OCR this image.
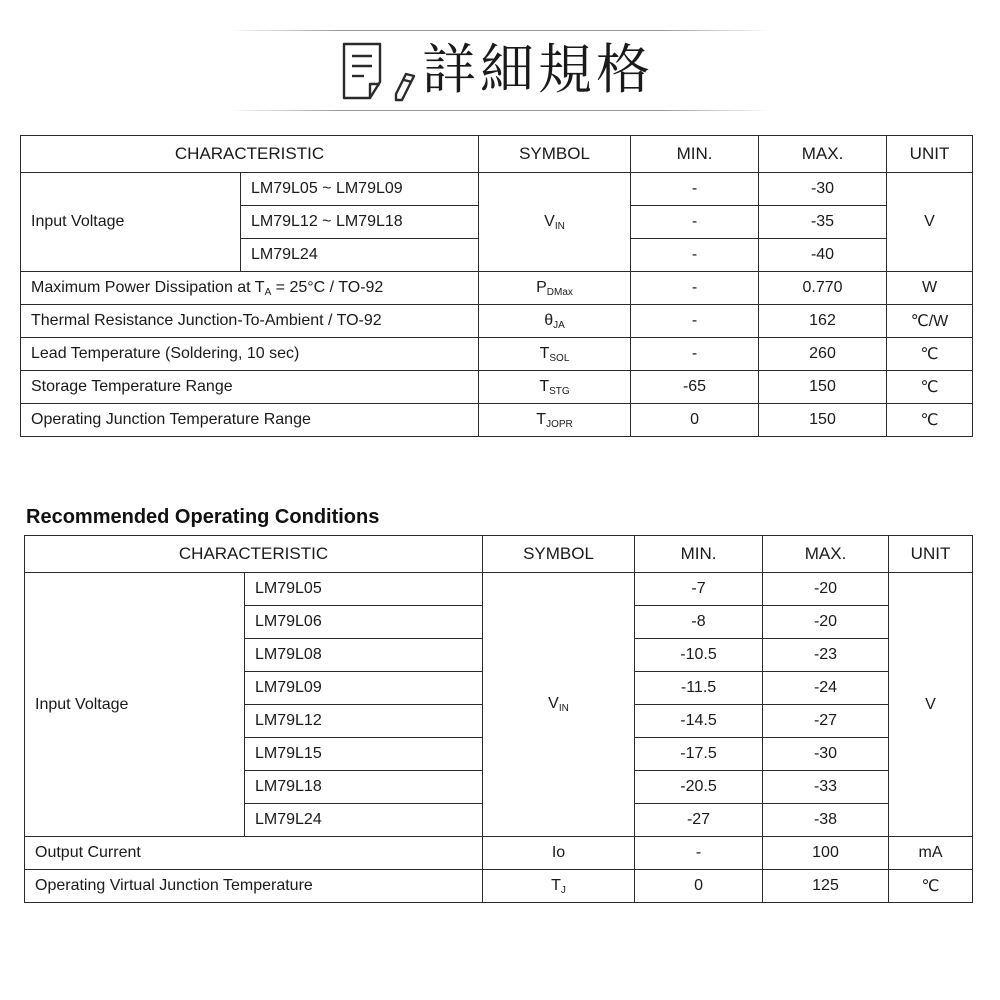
詳細規格
CHARACTERISTIC		SYMBOL	MIN.	MAX.	UNIT
Input Voltage	LM79L05 ~ LM79L09	$V_{IN}$	-	-30	V
	LM79L12 ~ LM79L18		-	-35	
	LM79L24		-	-40	
Maximum Power Dissipation at $T_A = 25^\circ C / TO-92$		$P_{DMax}$	-	0.770	W
Thermal Resistance Junction-To-Ambient / TO-92		$\theta_{JA}$	-	162	℃/W
Lead Temperature (Soldering, 10 sec)		$T_{SOL}$	-	260	℃
Storage Temperature Range		$T_{STG}$	-65	150	℃
Operating Junction Temperature Range		$T_{JOPR}$	0	150	℃
Recommended Operating Conditions
CHARACTERISTIC		SYMBOL	MIN.	MAX.	UNIT
Input Voltage	LM79L05	$V_{IN}$	-7	-20	V
	LM79L06		-8	-20	
	LM79L08		-10.5	-23	
	LM79L09		-11.5	-24	
	LM79L12		-14.5	-27	
	LM79L15		-17.5	-30	
	LM79L18		-20.5	-33	
	LM79L24		-27	-38	
Output Current		Io	-	100	mA
Operating Virtual Junction Temperature		$T_J$	0	125	℃
